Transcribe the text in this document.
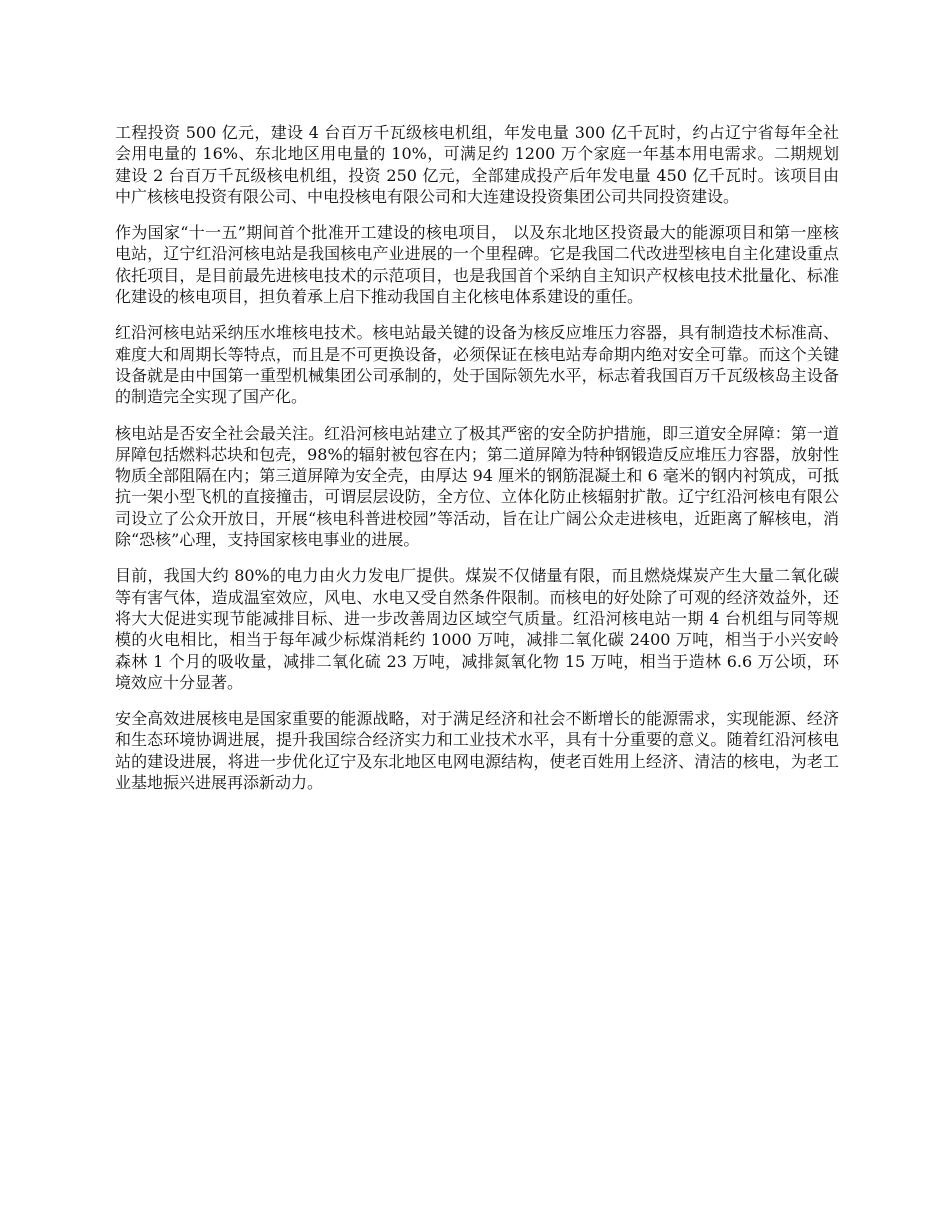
工程投资 500 亿元，建设 4 台百万千瓦级核电机组，年发电量 300 亿千瓦时，约占辽宁省每年全社会用电量的 16%、东北地区用电量的 10%，可满足约 1200 万个家庭一年基本用电需求。二期规划建设 2 台百万千瓦级核电机组，投资 250 亿元，全部建成投产后年发电量 450 亿千瓦时。该项目由中广核核电投资有限公司、中电投核电有限公司和大连建设投资集团公司共同投资建设。

作为国家“十一五”期间首个批准开工建设的核电项目， 以及东北地区投资最大的能源项目和第一座核电站，辽宁红沿河核电站是我国核电产业进展的一个里程碑。它是我国二代改进型核电自主化建设重点依托项目，是目前最先进核电技术的示范项目，也是我国首个采纳自主知识产权核电技术批量化、标准化建设的核电项目，担负着承上启下推动我国自主化核电体系建设的重任。

红沿河核电站采纳压水堆核电技术。核电站最关键的设备为核反应堆压力容器，具有制造技术标准高、难度大和周期长等特点，而且是不可更换设备，必须保证在核电站寿命期内绝对安全可靠。而这个关键设备就是由中国第一重型机械集团公司承制的，处于国际领先水平，标志着我国百万千瓦级核岛主设备的制造完全实现了国产化。

核电站是否安全社会最关注。红沿河核电站建立了极其严密的安全防护措施，即三道安全屏障：第一道屏障包括燃料芯块和包壳，98%的辐射被包容在内；第二道屏障为特种钢锻造反应堆压力容器，放射性物质全部阻隔在内；第三道屏障为安全壳，由厚达 94 厘米的钢筋混凝土和 6 毫米的钢内衬筑成，可抵抗一架小型飞机的直接撞击，可谓层层设防，全方位、立体化防止核辐射扩散。辽宁红沿河核电有限公司设立了公众开放日，开展“核电科普进校园”等活动，旨在让广阔公众走进核电，近距离了解核电，消除“恐核”心理，支持国家核电事业的进展。

目前，我国大约 80%的电力由火力发电厂提供。煤炭不仅储量有限，而且燃烧煤炭产生大量二氧化碳等有害气体，造成温室效应，风电、水电又受自然条件限制。而核电的好处除了可观的经济效益外，还将大大促进实现节能减排目标、进一步改善周边区域空气质量。红沿河核电站一期 4 台机组与同等规模的火电相比，相当于每年减少标煤消耗约 1000 万吨，减排二氧化碳 2400 万吨，相当于小兴安岭森林 1 个月的吸收量，减排二氧化硫 23 万吨，减排氮氧化物 15 万吨，相当于造林 6.6 万公顷，环境效应十分显著。

安全高效进展核电是国家重要的能源战略，对于满足经济和社会不断增长的能源需求，实现能源、经济和生态环境协调进展，提升我国综合经济实力和工业技术水平，具有十分重要的意义。随着红沿河核电站的建设进展，将进一步优化辽宁及东北地区电网电源结构，使老百姓用上经济、清洁的核电，为老工业基地振兴进展再添新动力。
